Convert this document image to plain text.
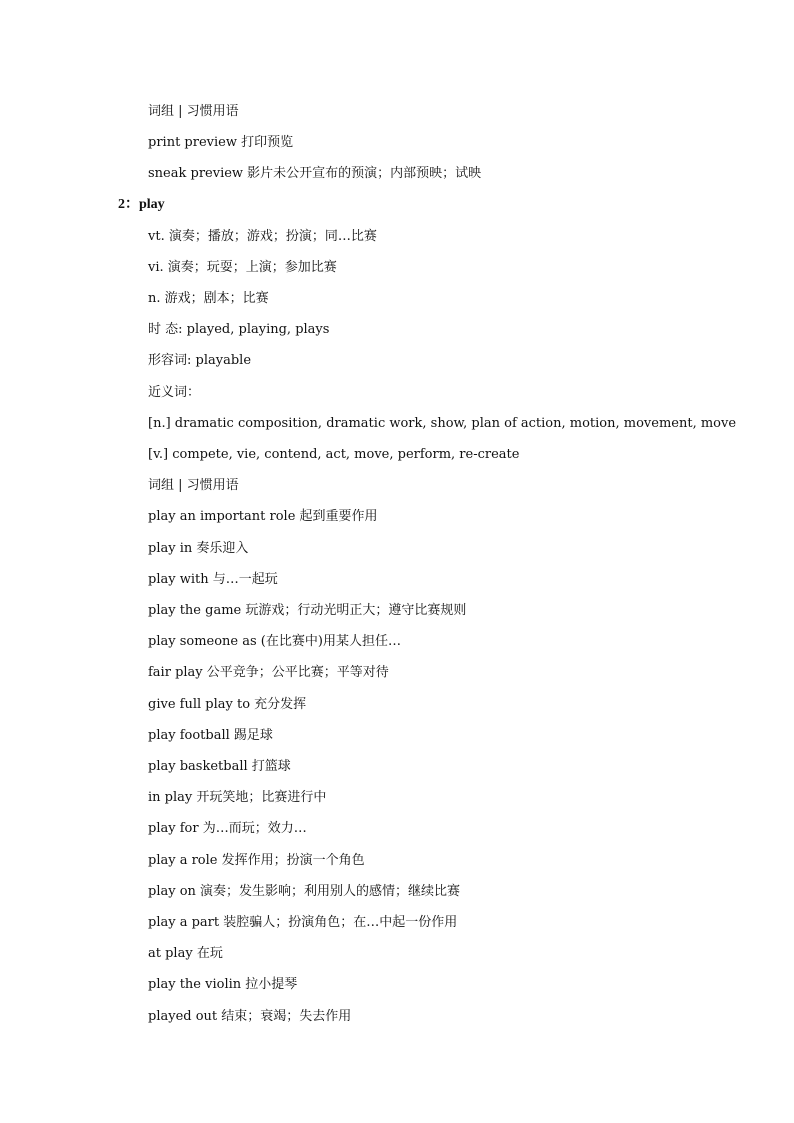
词组 | 习惯用语
print preview 打印预览
sneak preview 影片未公开宣布的预演；内部预映；试映
2：play
vt. 演奏；播放；游戏；扮演；同…比赛
vi. 演奏；玩耍；上演；参加比赛
n. 游戏；剧本；比赛
时 态: played, playing, plays
形容词: playable
近义词：
[n.] dramatic composition, dramatic work, show, plan of action, motion, movement, move
[v.] compete, vie, contend, act, move, perform, re-create
词组 | 习惯用语
play an important role 起到重要作用
play in 奏乐迎入
play with 与…一起玩
play the game 玩游戏；行动光明正大；遵守比赛规则
play someone as (在比赛中)用某人担任…
fair play 公平竞争；公平比赛；平等对待
give full play to 充分发挥
play football 踢足球
play basketball 打篮球
in play 开玩笑地；比赛进行中
play for 为…而玩；效力…
play a role 发挥作用；扮演一个角色
play on 演奏；发生影响；利用别人的感情；继续比赛
play a part 装腔骗人；扮演角色；在…中起一份作用
at play 在玩
play the violin 拉小提琴
played out 结束；衰竭；失去作用
